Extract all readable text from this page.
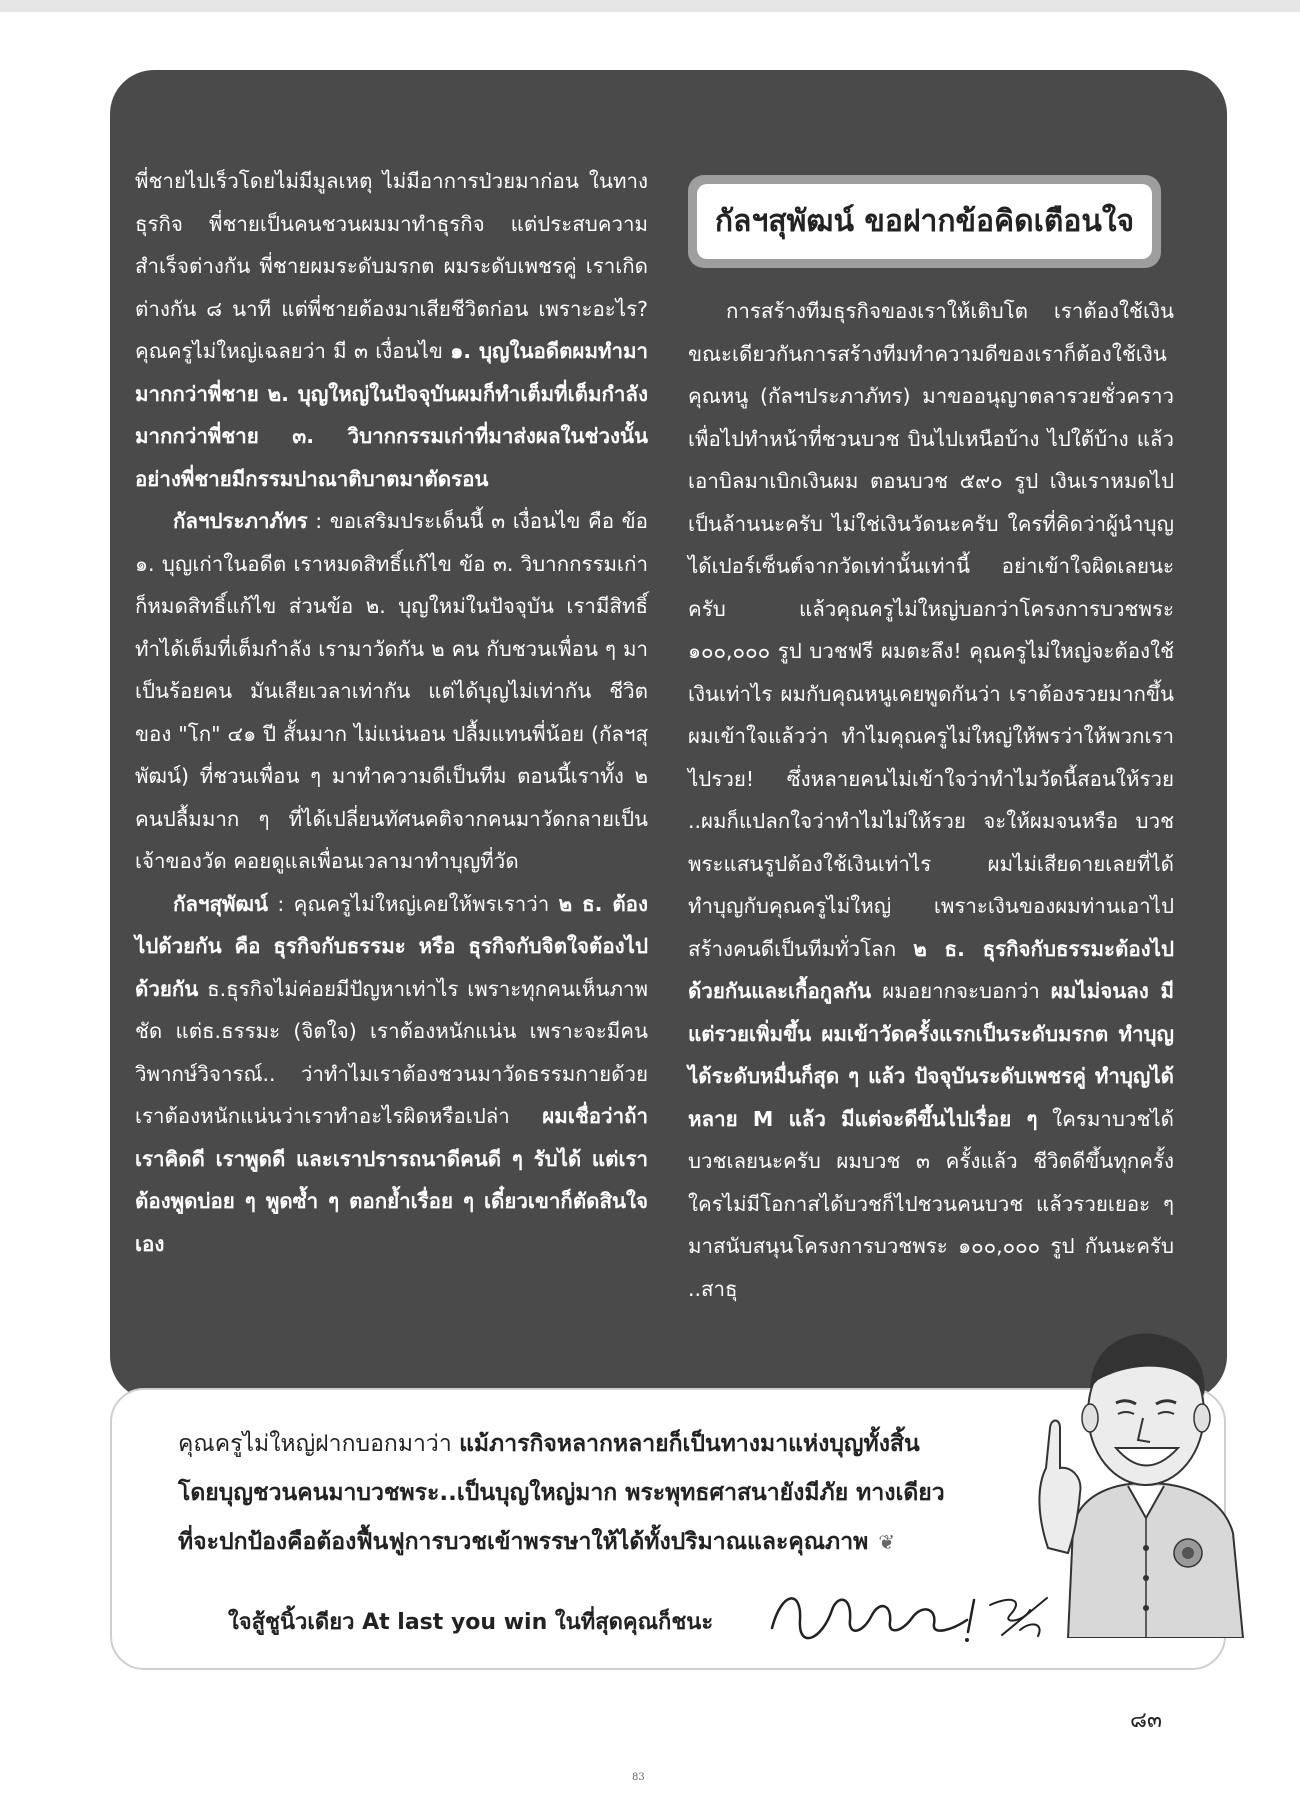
พี่ชายไปเร็วโดยไม่มีมูลเหตุ ไม่มีอาการป่วยมาก่อน ในทางธุรกิจ พี่ชายเป็นคนชวนผมมาทำธุรกิจ แต่ประสบความสำเร็จต่างกัน พี่ชายผมระดับมรกต ผมระดับเพชรคู่ เราเกิดต่างกัน ๘ นาที แต่พี่ชายต้องมาเสียชีวิตก่อน เพราะอะไร? คุณครูไม่ใหญ่เฉลยว่า มี ๓ เงื่อนไข ๑. บุญในอดีตผมทำมามากกว่าพี่ชาย ๒. บุญใหญ่ในปัจจุบันผมก็ทำเต็มที่เต็มกำลังมากกว่าพี่ชาย ๓. วิบากกรรมเก่าที่มาส่งผลในช่วงนั้น อย่างพี่ชายมีกรรมปาณาติบาตมาตัดรอน

กัลฯประภาภัทร : ขอเสริมประเด็นนี้ ๓ เงื่อนไข คือ ข้อ ๑. บุญเก่าในอดีต เราหมดสิทธิ์แก้ไข ข้อ ๓. วิบากกรรมเก่า ก็หมดสิทธิ์แก้ไข ส่วนข้อ ๒. บุญใหม่ในปัจจุบัน เรามีสิทธิ์ทำได้เต็มที่เต็มกำลัง เรามาวัดกัน ๒ คน กับชวนเพื่อน ๆ มาเป็นร้อยคน มันเสียเวลาเท่ากัน แต่ได้บุญไม่เท่ากัน ชีวิตของ "โก" ๔๑ ปี สั้นมาก ไม่แน่นอน ปลื้มแทนพี่น้อย (กัลฯสุพัฒน์) ที่ชวนเพื่อน ๆ มาทำความดีเป็นทีม ตอนนี้เราทั้ง ๒ คนปลื้มมาก ๆ ที่ได้เปลี่ยนทัศนคติจากคนมาวัดกลายเป็นเจ้าของวัด คอยดูแลเพื่อนเวลามาทำบุญที่วัด

กัลฯสุพัฒน์ : คุณครูไม่ใหญ่เคยให้พรเราว่า ๒ ธ. ต้องไปด้วยกัน คือ ธุรกิจกับธรรมะ หรือ ธุรกิจกับจิตใจต้องไปด้วยกัน ธ.ธุรกิจไม่ค่อยมีปัญหาเท่าไร เพราะทุกคนเห็นภาพชัด แต่ธ.ธรรมะ (จิตใจ) เราต้องหนักแน่น เพราะจะมีคนวิพากษ์วิจารณ์.. ว่าทำไมเราต้องชวนมาวัดธรรมกายด้วย เราต้องหนักแน่นว่าเราทำอะไรผิดหรือเปล่า ผมเชื่อว่าถ้าเราคิดดี เราพูดดี และเราปรารถนาดีคนดี ๆ รับได้ แต่เราต้องพูดบ่อย ๆ พูดซ้ำ ๆ ตอกย้ำเรื่อย ๆ เดี๋ยวเขาก็ตัดสินใจเอง

กัลฯสุพัฒน์ ขอฝากข้อคิดเตือนใจ

การสร้างทีมธุรกิจของเราให้เติบโต เราต้องใช้เงิน ขณะเดียวกันการสร้างทีมทำความดีของเราก็ต้องใช้เงิน คุณหนู (กัลฯประภาภัทร) มาขออนุญาตลารวยชั่วคราว เพื่อไปทำหน้าที่ชวนบวช บินไปเหนือบ้าง ไปใต้บ้าง แล้วเอาบิลมาเบิกเงินผม ตอนบวช ๕๙๐ รูป เงินเราหมดไปเป็นล้านนะครับ ไม่ใช่เงินวัดนะครับ ใครที่คิดว่าผู้นำบุญได้เปอร์เซ็นต์จากวัดเท่านั้นเท่านี้ อย่าเข้าใจผิดเลยนะครับ แล้วคุณครูไม่ใหญ่บอกว่าโครงการบวชพระ ๑๐๐,๐๐๐ รูป บวชฟรี ผมตะลึง! คุณครูไม่ใหญ่จะต้องใช้เงินเท่าไร ผมกับคุณหนูเคยพูดกันว่า เราต้องรวยมากขึ้น ผมเข้าใจแล้วว่า ทำไมคุณครูไม่ใหญ่ให้พรว่าให้พวกเราไปรวย! ซึ่งหลายคนไม่เข้าใจว่าทำไมวัดนี้สอนให้รวย ..ผมก็แปลกใจว่าทำไมไม่ให้รวย จะให้ผมจนหรือ บวชพระแสนรูปต้องใช้เงินเท่าไร ผมไม่เสียดายเลยที่ได้ทำบุญกับคุณครูไม่ใหญ่ เพราะเงินของผมท่านเอาไปสร้างคนดีเป็นทีมทั่วโลก ๒ ธ. ธุรกิจกับธรรมะต้องไปด้วยกันและเกื้อกูลกัน ผมอยากจะบอกว่า ผมไม่จนลง มีแต่รวยเพิ่มขึ้น ผมเข้าวัดครั้งแรกเป็นระดับมรกต ทำบุญได้ระดับหมื่นก็สุด ๆ แล้ว ปัจจุบันระดับเพชรคู่ ทำบุญได้หลาย M แล้ว มีแต่จะดีขึ้นไปเรื่อย ๆ ใครมาบวชได้ บวชเลยนะครับ ผมบวช ๓ ครั้งแล้ว ชีวิตดีขึ้นทุกครั้ง ใครไม่มีโอกาสได้บวชก็ไปชวนคนบวช แล้วรวยเยอะ ๆ มาสนับสนุนโครงการบวชพระ ๑๐๐,๐๐๐ รูป กันนะครับ ..สาธุ

คุณครูไม่ใหญ่ฝากบอกมาว่า แม้ภารกิจหลากหลายก็เป็นทางมาแห่งบุญทั้งสิ้น

โดยบุญชวนคนมาบวชพระ..เป็นบุญใหญ่มาก พระพุทธศาสนายังมีภัย ทางเดียว

ที่จะปกป้องคือต้องฟื้นฟูการบวชเข้าพรรษาให้ได้ทั้งปริมาณและคุณภาพ ❦

ใจสู้ชูนิ้วเดียว At last you win ในที่สุดคุณก็ชนะ
๘๓
83
